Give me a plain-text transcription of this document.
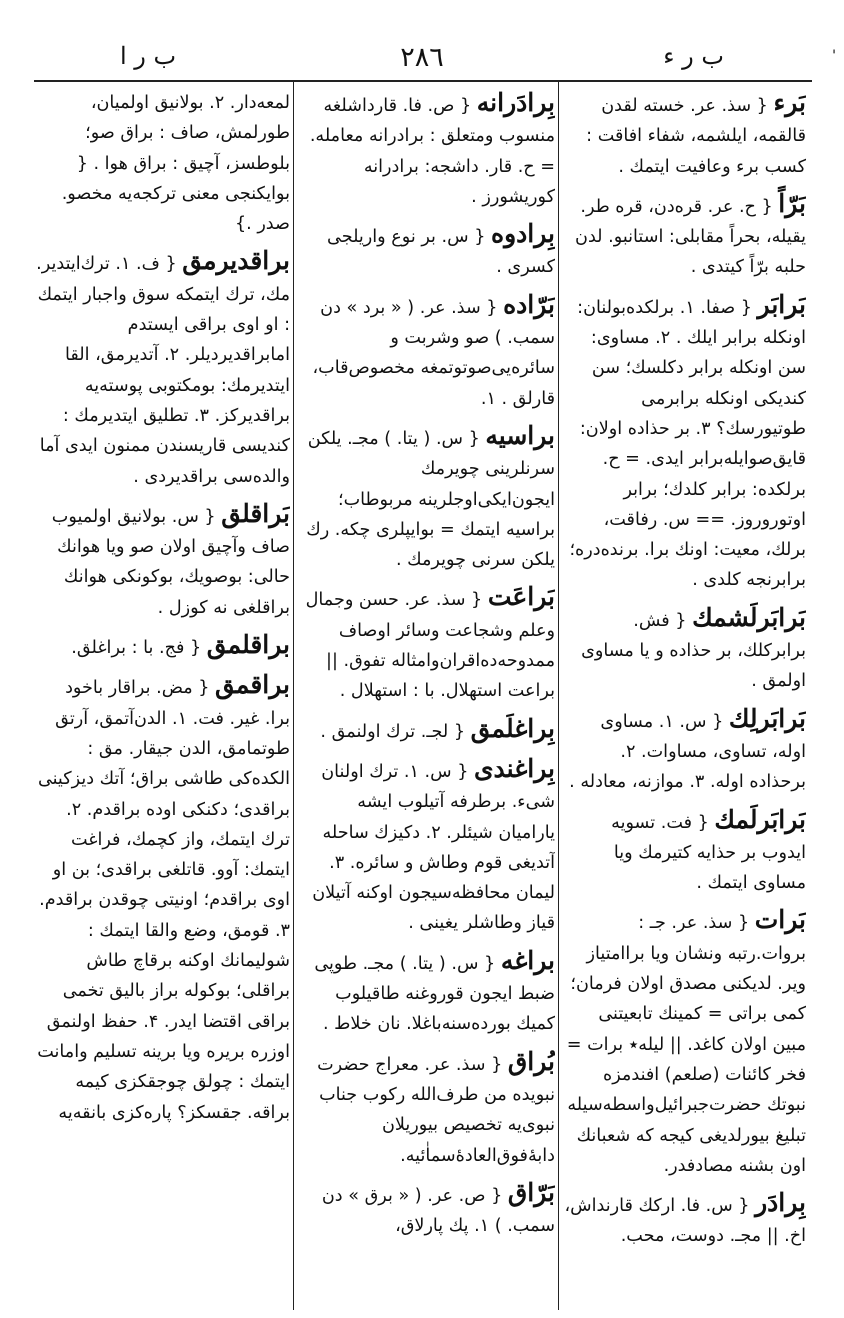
ب ر ء
۲۸٦
ب ر ا	'

بَرء { سذ. عر. خسته لقدن قالقمه، ایلشمه، شفاء افاقت : کسب برء وعافیت ایتمك .

بَرّاً { ح. عر. قره‌دن، قره طر. یقیله، بحراً مقابلی: استانبو. لدن حلبه برّاً کیتدی .

بَرابَر { صفا. ۱. برلکده‌بولنان: اونکله برابر ایلك . ۲. مساوی: سن اونکله برابر دکلسك؛ سن کندیکی اونکله برابرمی طوتیورسك؟ ۳. بر حذاده اولان: قایق‌صوایله‌برابر ایدی. = ح. برلکده: برابر کلدك؛ برابر اوتوروروز. == س. رفاقت، برلك، معیت: اونك برا. برنده‌دره؛ برابرنجه کلدی .

بَرابَرلَشمك { فش. برابرکلك، بر حذاده و یا مساوی اولمق .

بَرابَرلِك { س. ۱. مساوی اوله، تساوی، مساوات. ۲. برحذاده اوله. ۳. موازنه، معادله .

بَرابَرلَمك { فت. تسویه ایدوب بر حذایه کتیرمك ویا مساوی ایتمك .

بَرات { سذ. عر. جـ : بروات.رتبه ونشان ویا براامتیاز ویر. لدیکنی مصدق اولان فرمان؛ کمی براتی = کمینك تابعیتنی مبین اولان کاغد. || لیله٭ برات = فخر کائنات (صلعم) افندمزه نبوتك حضرت‌جبرائیل‌واسطه‌سیله تبلیغ بیورلدیغی کیجه که شعبانك اون بشنه مصادفدر.

بِرادَر { س. فا. ارکك قارنداش، اخ. || مجـ. دوست، محب.

بِرادَرانه { ص. فا. قارداشلغه منسوب ومتعلق : برادرانه معامله. = ح. قار. داشجه: برادرانه کوریشورز .

بِرادوه { س. بر نوع واریلجی کسری .

بَرّاده { سذ. عر. ( « برد » دن سمب. ) صو وشربت و سائره‌یی‌صوتوتمغه مخصوص‌قاب، قارلق . ۱.

براسیه { س. ( یتا. ) مجـ. یلکن سرنلرینی چویرمك ایجون‌ایکی‌اوجلرینه مربوطاب؛ براسیه ایتمك = بوایپلری چکه. رك یلکن سرنی چویرمك .

بَراعَت { سذ. عر. حسن وجمال وعلم وشجاعت وسائر اوصاف ممدوحه‌ده‌اقران‌وامثاله تفوق. || براعت استهلال. با : استهلال .

بِراغلَمق { لجـ. ترك اولنمق .

بِراغندی { س. ۱. ترك اولنان شیء. برطرفه آتیلوب ایشه یارامیان شیئلر. ۲. دکیزك ساحله آتدیغی قوم وطاش و سائره. ۳. لیمان محافظه‌سیجون اوکنه آتیلان قیاز وطاشلر یغینی .

براغه { س. ( یتا. ) مجـ. طوپی ضبط ایجون قوروغنه طاقیلوب کمیك بورده‌سنه‌باغلا. نان خلاط .

بُراق { سذ. عر. معراج حضرت نبویده من طرف‌الله رکوب جناب نبوی‌یه تخصیص بیوریلان دابهٔ‌فوق‌العادهٔ‌سماٰئیه.

بَرّاق { ص. عر. ( « برق » دن سمب. ) ۱. پك پارلاق،

لمعه‌دار. ۲. بولانیق اولمیان، طورلمش، صاف : براق صو؛ بلوطسز، آچیق : براق هوا . { بوایکنجی معنی ترکجه‌یه مخصو. صدر .}

براقدیرمق { ف. ۱. ترك‌ایتدیر. مك، ترك ایتمکه سوق واجبار ایتمك : او اوی براقی ایستدم امابراقدیردیلر. ۲. آتدیرمق، القا ایتدیرمك: بومکتوبی پوسته‌یه براقدیرکز. ۳. تطلیق ایتدیرمك : کندیسی قاریسندن ممنون ایدی آما والده‌سی براقدیردی .

بَراقلق { س. بولانیق اولمیوب صاف وآچیق اولان صو ویا هوانك حالی: بوصویك، بوکونکی هوانك براقلغی نه کوزل .

براقلمق { فج. با : براغلق.

براقمق { مض. براقار باخود برا. غیر. فت. ۱. الدن‌آتمق، آرتق طوتمامق، الدن جیقار. مق : الکده‌کی طاشی براق؛ آتك دیزکینی براقدی؛ دکنکی اوده براقدم. ۲. ترك ایتمك، واز کچمك، فراغت ایتمك: آوو. قاتلغی براقدی؛ بن او اوی براقدم؛ اونیتی چوقدن براقدم. ۳. قومق، وضع والقا ایتمك : شولیمانك اوکنه برقاچ طاش براقلی؛ بوکوله براز بالیق تخمی براقی اقتضا ایدر. ۴. حفظ اولنمق اوزره بریره ویا برینه تسلیم وامانت ایتمك : چولق چوجقکزی کیمه براقه. جقسکز؟ پاره‌کزی بانقه‌یه
